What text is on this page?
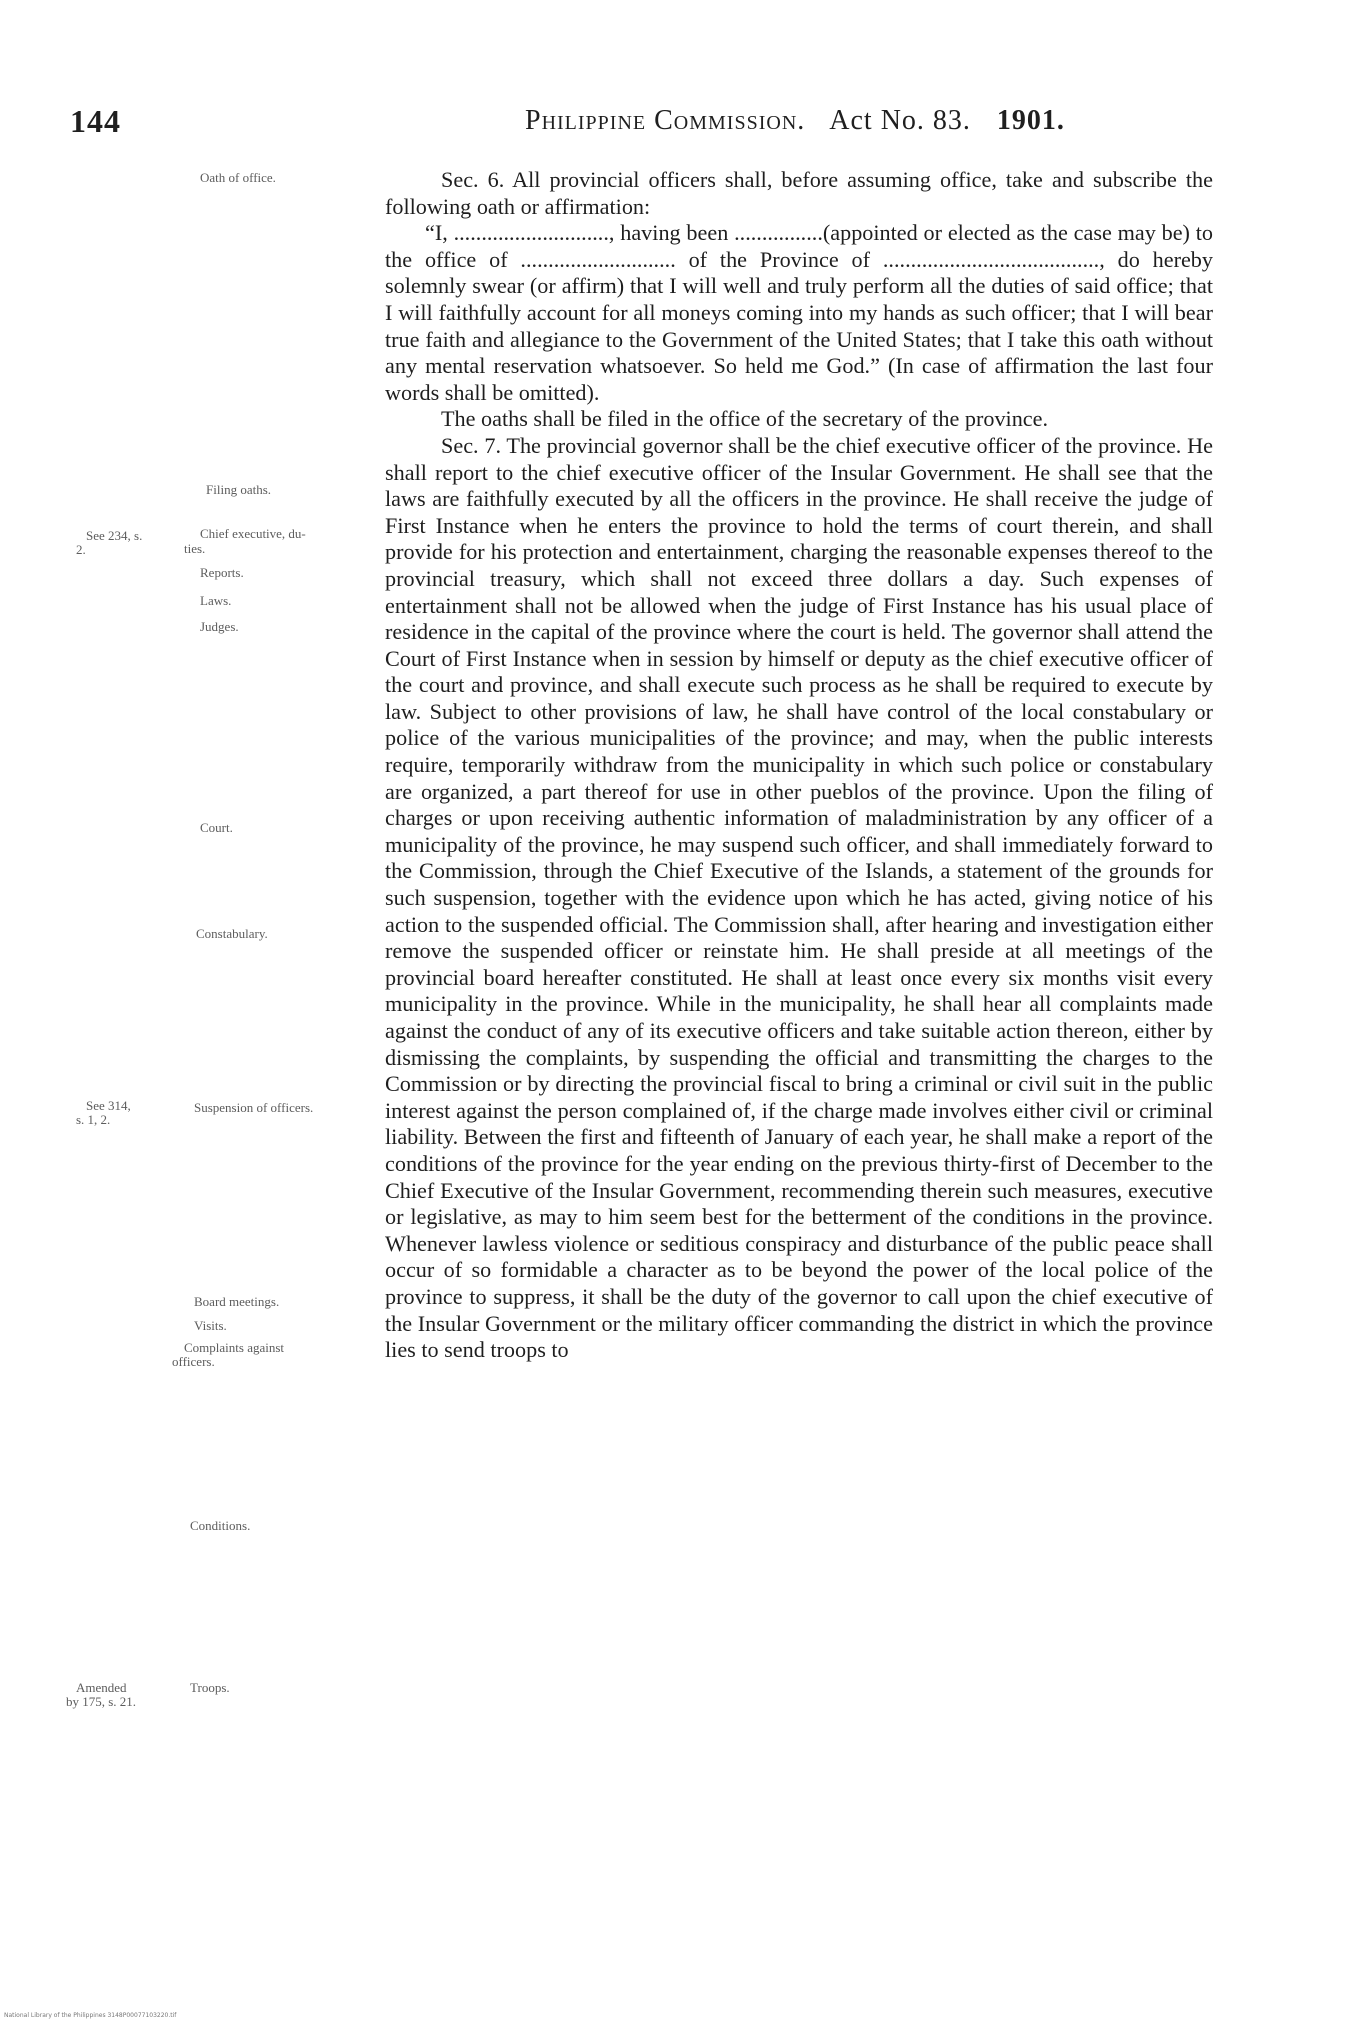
144	Philippine Commission. Act No. 83. 1901.
Oath of office.
Filing oaths.
Chief executive, du-
ties.
Reports.
Laws.
Judges.
Court.
Constabulary.
Suspension of officers.
Board meetings.
Visits.
Complaints against
officers.
Conditions.
Troops.
See 234, s.
2.
See 314,
s. 1, 2.
Amended
by 175, s. 21.

Sec. 6. All provincial officers shall, before assuming office, take and subscribe the following oath or affirmation:

“I, ............................, having been ................(appointed or elected as the case may be) to the office of ............................ of the Province of ......................................., do hereby solemnly swear (or affirm) that I will well and truly perform all the duties of said office; that I will faithfully account for all moneys coming into my hands as such officer; that I will bear true faith and allegiance to the Government of the United States; that I take this oath without any mental reservation whatsoever. So held me God.” (In case of affirmation the last four words shall be omitted).

The oaths shall be filed in the office of the secretary of the province.

Sec. 7. The provincial governor shall be the chief executive officer of the province. He shall report to the chief executive officer of the Insular Government. He shall see that the laws are faithfully executed by all the officers in the province. He shall receive the judge of First Instance when he enters the province to hold the terms of court therein, and shall provide for his protection and entertainment, charging the reasonable expenses thereof to the provincial treasury, which shall not exceed three dollars a day. Such expenses of entertainment shall not be allowed when the judge of First Instance has his usual place of residence in the capital of the province where the court is held. The governor shall attend the Court of First Instance when in session by himself or deputy as the chief executive officer of the court and province, and shall execute such process as he shall be required to execute by law. Subject to other provisions of law, he shall have control of the local constabulary or police of the various municipalities of the province; and may, when the public interests require, temporarily withdraw from the municipality in which such police or constabulary are organized, a part thereof for use in other pueblos of the province. Upon the filing of charges or upon receiving authentic information of maladministration by any officer of a municipality of the province, he may suspend such officer, and shall immediately forward to the Commission, through the Chief Executive of the Islands, a statement of the grounds for such suspension, together with the evidence upon which he has acted, giving notice of his action to the suspended official. The Commission shall, after hearing and investigation either remove the suspended officer or reinstate him. He shall preside at all meetings of the provincial board hereafter constituted. He shall at least once every six months visit every municipality in the province. While in the municipality, he shall hear all complaints made against the conduct of any of its executive officers and take suitable action thereon, either by dismissing the complaints, by suspending the official and transmitting the charges to the Commission or by directing the provincial fiscal to bring a criminal or civil suit in the public interest against the person complained of, if the charge made involves either civil or criminal liability. Between the first and fifteenth of January of each year, he shall make a report of the conditions of the province for the year ending on the previous thirty-first of December to the Chief Executive of the Insular Government, recommending therein such measures, executive or legislative, as may to him seem best for the betterment of the conditions in the province. Whenever lawless violence or seditious conspiracy and disturbance of the public peace shall occur of so formidable a character as to be beyond the power of the local police of the province to suppress, it shall be the duty of the governor to call upon the chief executive of the Insular Government or the military officer commanding the district in which the province lies to send troops to

National Library of the Philippines 3148P00077103220.tif
